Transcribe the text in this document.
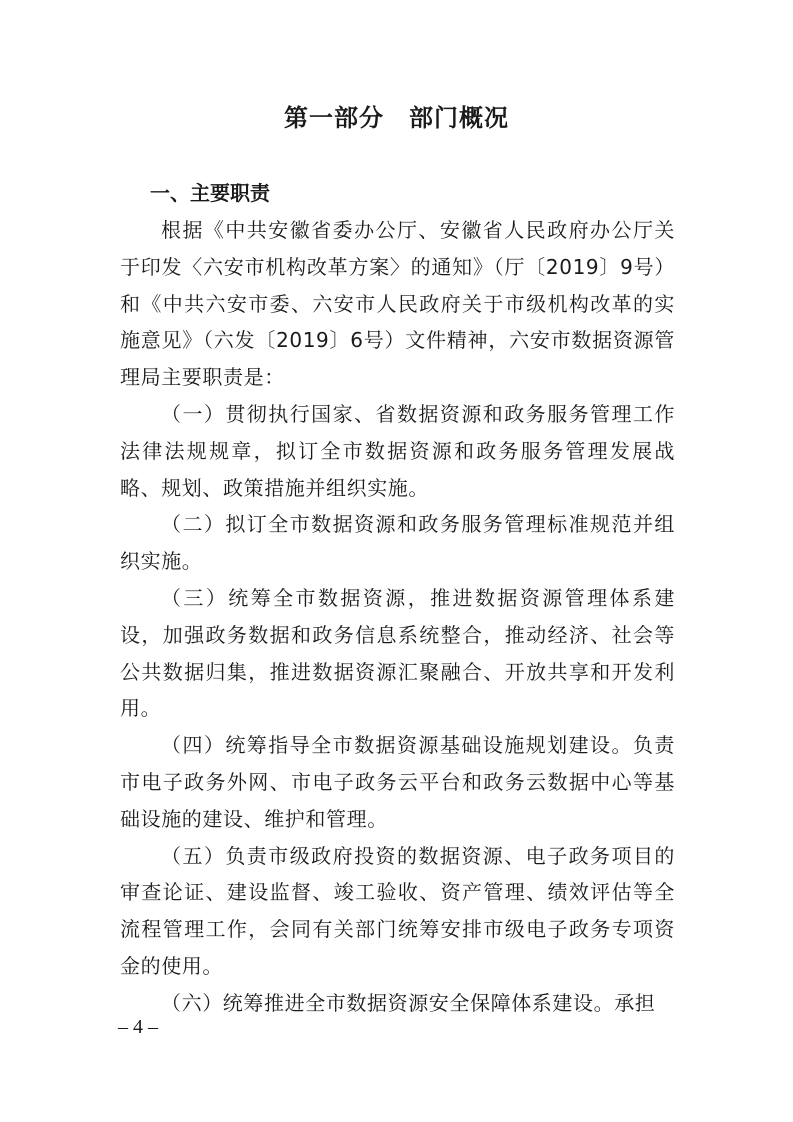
第一部分　部门概况
一、主要职责

根据《中共安徽省委办公厅、安徽省人民政府办公厅关于印发〈六安市机构改革方案〉的通知》（厅〔2019〕9号）和《中共六安市委、六安市人民政府关于市级机构改革的实施意见》（六发〔2019〕6号）文件精神，六安市数据资源管理局主要职责是：

（一）贯彻执行国家、省数据资源和政务服务管理工作法律法规规章，拟订全市数据资源和政务服务管理发展战略、规划、政策措施并组织实施。

（二）拟订全市数据资源和政务服务管理标准规范并组织实施。

（三）统筹全市数据资源，推进数据资源管理体系建设，加强政务数据和政务信息系统整合，推动经济、社会等公共数据归集，推进数据资源汇聚融合、开放共享和开发利用。

（四）统筹指导全市数据资源基础设施规划建设。负责市电子政务外网、市电子政务云平台和政务云数据中心等基础设施的建设、维护和管理。

（五）负责市级政府投资的数据资源、电子政务项目的审查论证、建设监督、竣工验收、资产管理、绩效评估等全流程管理工作，会同有关部门统筹安排市级电子政务专项资金的使用。

（六）统筹推进全市数据资源安全保障体系建设。承担

– 4 –
